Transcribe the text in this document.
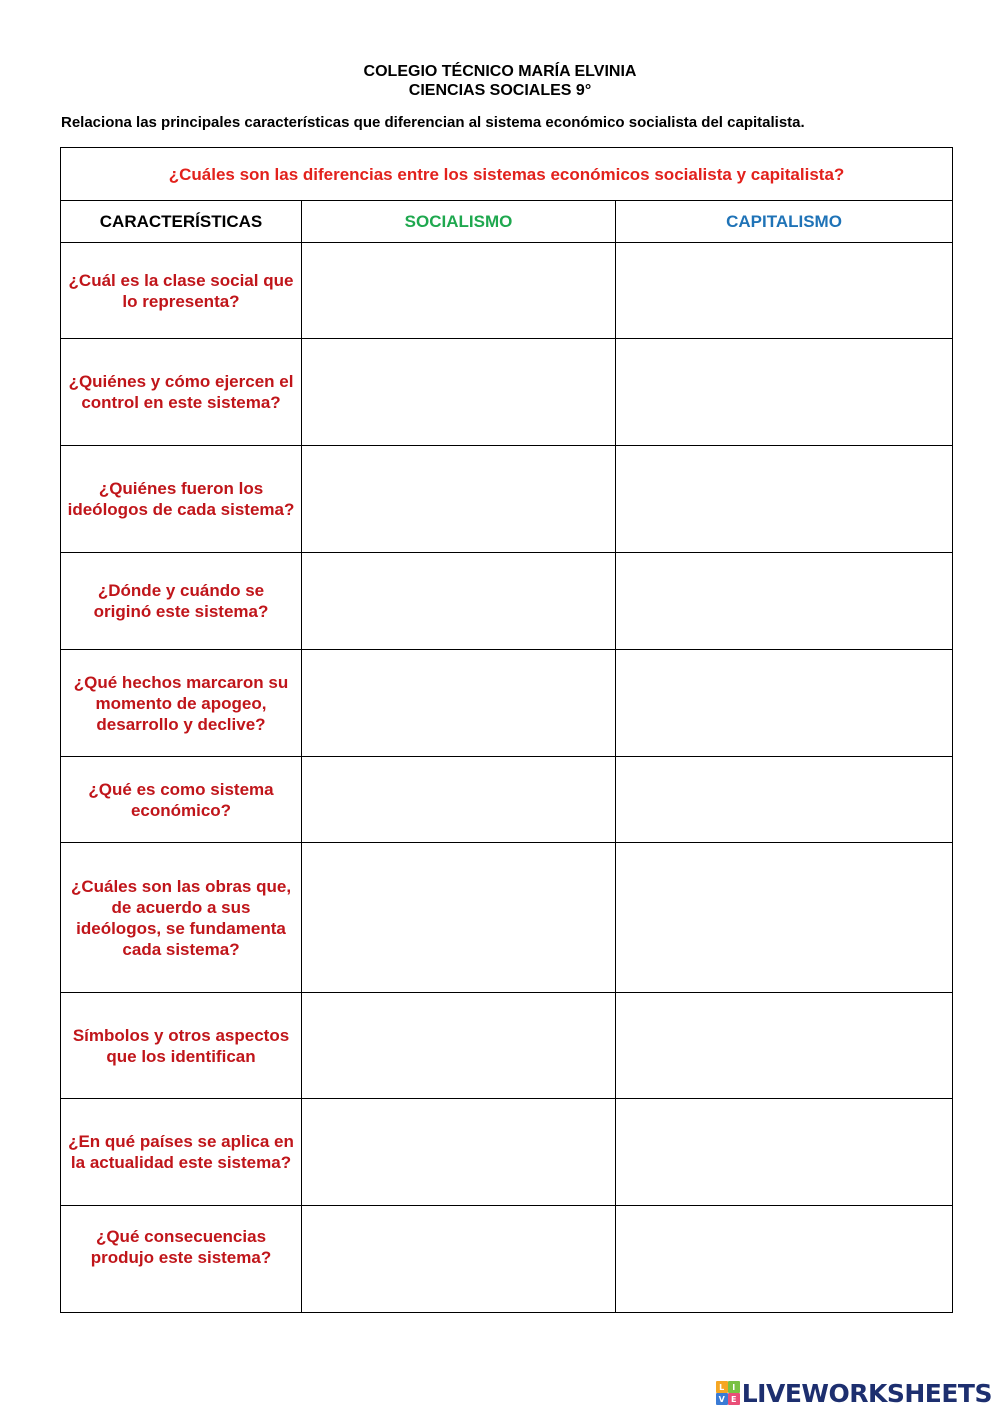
COLEGIO TÉCNICO MARÍA ELVINIA
CIENCIAS SOCIALES 9°
Relaciona las principales características que diferencian al sistema económico socialista del capitalista.
¿Cuáles son las diferencias entre los sistemas económicos socialista y capitalista?		
CARACTERÍSTICAS	SOCIALISMO	CAPITALISMO
¿Cuál es la clase social que lo representa?		
¿Quiénes y cómo ejercen el control en este sistema?		
¿Quiénes fueron los ideólogos de cada sistema?		
¿Dónde y cuándo se originó este sistema?		
¿Qué hechos marcaron su momento de apogeo, desarrollo y declive?		
¿Qué es como sistema económico?		
¿Cuáles son las obras que, de acuerdo a sus ideólogos, se fundamenta cada sistema?		
Símbolos y otros aspectos que los identifican		
¿En qué países se aplica en la actualidad este sistema?		
¿Qué consecuencias produjo este sistema?		
L I
V E LIVEWORKSHEETS
